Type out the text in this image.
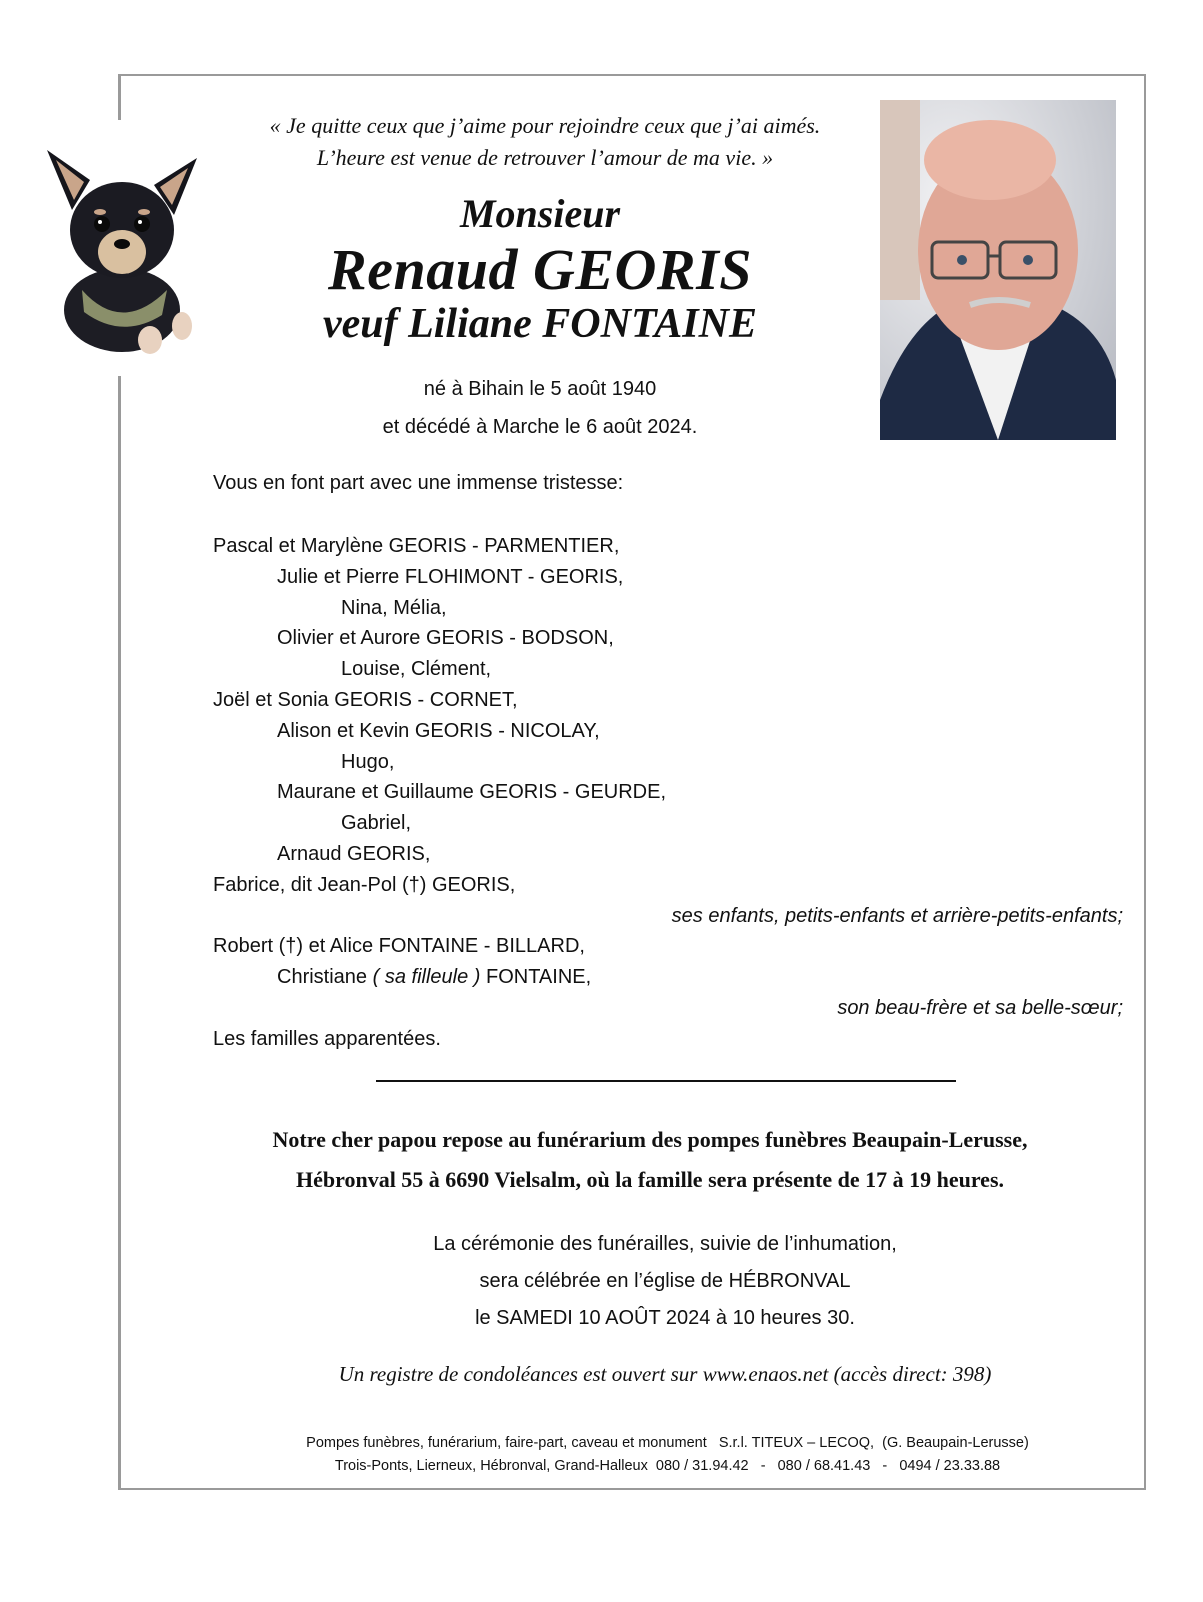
« Je quitte ceux que j’aime pour rejoindre ceux que j’ai aimés.
L’heure est venue de retrouver l’amour de ma vie. »
Monsieur
Renaud GEORIS
veuf Liliane FONTAINE
né à Bihain le 5 août 1940
et décédé à Marche le 6 août 2024.
Vous en font part avec une immense tristesse:
Pascal et Marylène GEORIS - PARMENTIER,
Julie et Pierre FLOHIMONT - GEORIS,
Nina, Mélia,
Olivier et Aurore GEORIS - BODSON,
Louise, Clément,
Joël et Sonia GEORIS - CORNET,
Alison et Kevin GEORIS - NICOLAY,
Hugo,
Maurane et Guillaume GEORIS - GEURDE,
Gabriel,
Arnaud GEORIS,
Fabrice, dit Jean-Pol (†) GEORIS,
ses enfants, petits-enfants et arrière-petits-enfants;
Robert (†) et Alice FONTAINE - BILLARD,
Christiane ( sa filleule ) FONTAINE,
son beau-frère et sa belle-sœur;
Les familles apparentées.
Notre cher papou repose au funérarium des pompes funèbres Beaupain-Lerusse,
Hébronval 55 à 6690 Vielsalm, où la famille sera présente de 17 à 19 heures.
La cérémonie des funérailles, suivie de l’inhumation,
sera célébrée en l’église de HÉBRONVAL
le SAMEDI 10 AOÛT 2024 à 10 heures 30.
Un registre de condoléances est ouvert sur www.enaos.net (accès direct: 398)
Pompes funèbres, funérarium, faire-part, caveau et monument   S.r.l. TITEUX – LECOQ,  (G. Beaupain-Lerusse)
Trois-Ponts, Lierneux, Hébronval, Grand-Halleux  080 / 31.94.42   -   080 / 68.41.43   -   0494 / 23.33.88
